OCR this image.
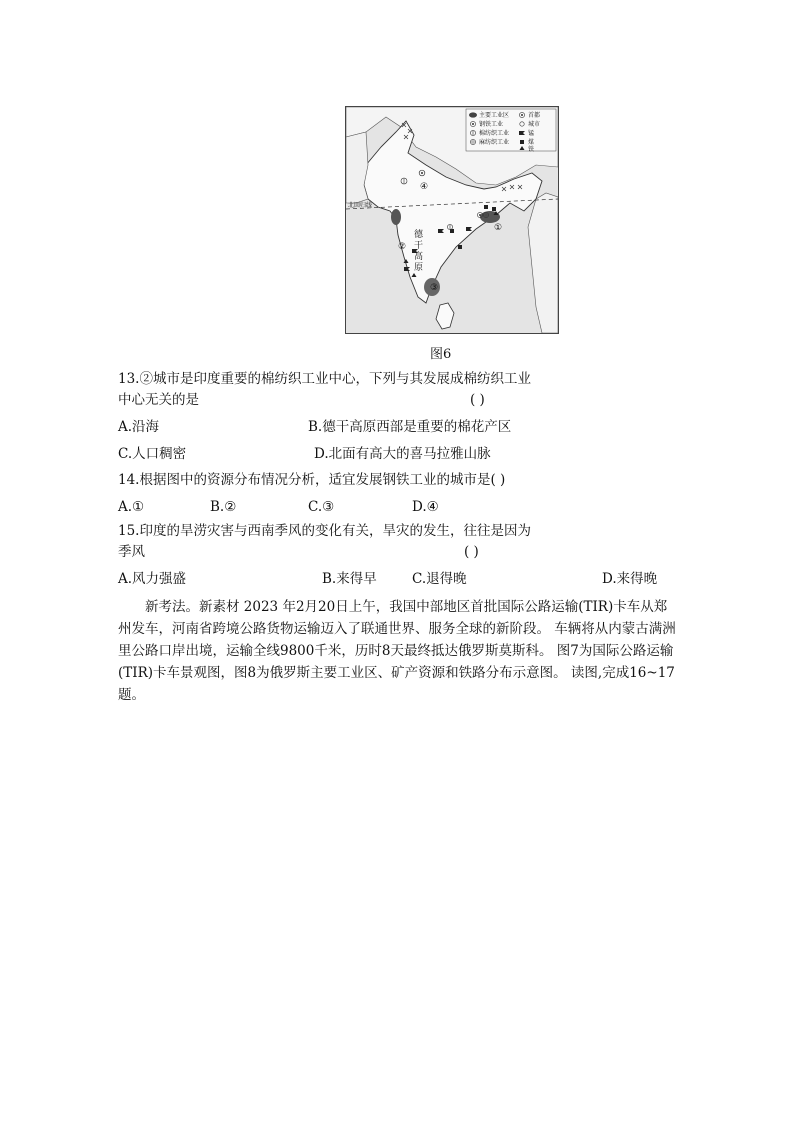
北回归线
主要工业区
钢铁工业
棉纺织工业
麻纺织工业
首都
城市
锰
煤
铁
①
②
③
④
德
干
高
原
图6
13.②城市是印度重要的棉纺织工业中心，下列与其发展成棉纺织工业
中心无关的是	( )
A.沿海	B.德干高原西部是重要的棉花产区
C.人口稠密	D.北面有高大的喜马拉雅山脉
14.根据图中的资源分布情况分析，适宜发展钢铁工业的城市是( )
A.①	B.②	C.③	D.④
15.印度的旱涝灾害与西南季风的变化有关，旱灾的发生，往往是因为
季风	( )
A.风力强盛	B.来得早	C.退得晚	D.来得晚
新考法。新素材 2023 年2月20日上午，我国中部地区首批国际公路运输(TIR)卡车从郑州发车，河南省跨境公路货物运输迈入了联通世界、服务全球的新阶段。 车辆将从内蒙古满洲里公路口岸出境，运输全线9800千米，历时8天最终抵达俄罗斯莫斯科。 图7为国际公路运输(TIR)卡车景观图，图8为俄罗斯主要工业区、矿产资源和铁路分布示意图。 读图,完成16~17题。
